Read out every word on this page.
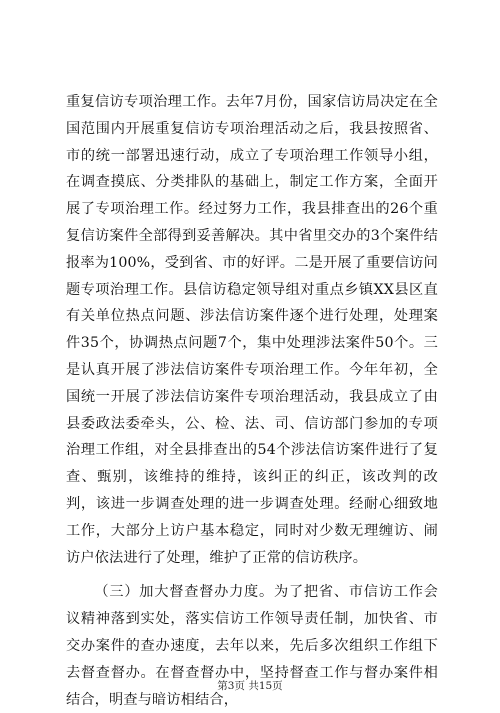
重复信访专项治理工作。去年7月份，国家信访局决定在全国范围内开展重复信访专项治理活动之后，我县按照省、市的统一部署迅速行动，成立了专项治理工作领导小组，在调查摸底、分类排队的基础上，制定工作方案，全面开展了专项治理工作。经过努力工作，我县排查出的26个重复信访案件全部得到妥善解决。其中省里交办的3个案件结报率为100%，受到省、市的好评。二是开展了重要信访问题专项治理工作。县信访稳定领导组对重点乡镇XX县区直有关单位热点问题、涉法信访案件逐个进行处理，处理案件35个，协调热点问题7个，集中处理涉法案件50个。三是认真开展了涉法信访案件专项治理工作。今年年初，全国统一开展了涉法信访案件专项治理活动，我县成立了由县委政法委牵头，公、检、法、司、信访部门参加的专项治理工作组，对全县排查出的54个涉法信访案件进行了复查、甄别，该维持的维持，该纠正的纠正，该改判的改判，该进一步调查处理的进一步调查处理。经耐心细致地工作，大部分上访户基本稳定，同时对少数无理缠访、闹访户依法进行了处理，维护了正常的信访秩序。

（三）加大督查督办力度。为了把省、市信访工作会议精神落到实处，落实信访工作领导责任制，加快省、市交办案件的查办速度，去年以来，先后多次组织工作组下去督查督办。在督查督办中，坚持督查工作与督办案件相结合，明查与暗访相结合，

第3页 共15页
